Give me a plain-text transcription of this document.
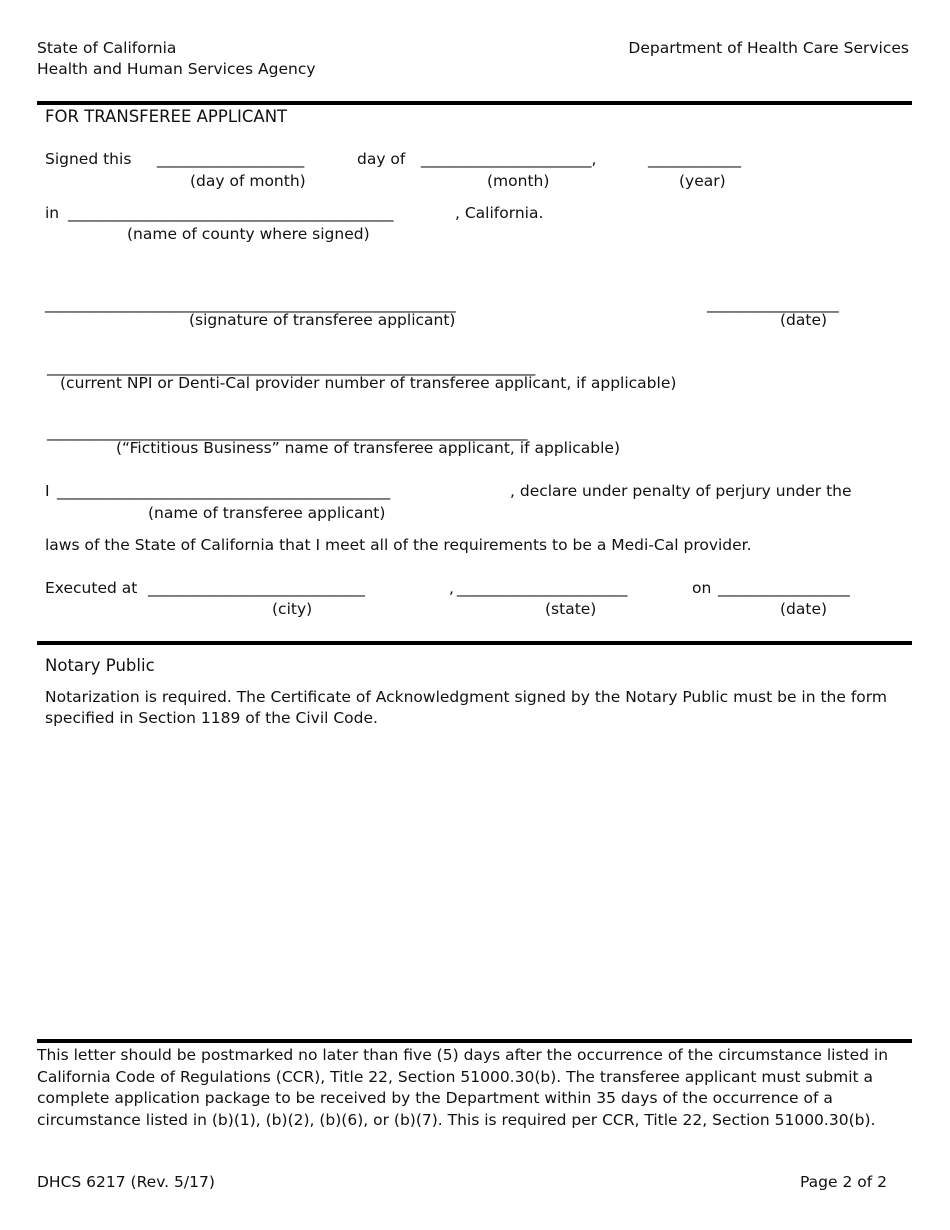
State of California
Health and Human Services Agency
Department of Health Care Services
FOR TRANSFEREE APPLICANT
Signed this ___________________	day of ______________________,	____________
(day of month)	(month)	(year)
in __________________________________________	, California.
(name of county where signed)
_____________________________________________________	_________________
(signature of transferee applicant)	(date)
_______________________________________________________________
(current NPI or Denti-Cal provider number of transferee applicant, if applicable)
______________________________________________________________
(“Fictitious Business” name of transferee applicant, if applicable)
I ___________________________________________	, declare under penalty of perjury under the
(name of transferee applicant)
laws of the State of California that I meet all of the requirements to be a Medi-Cal provider.
Executed at ____________________________	, ______________________	on _________________
(city)	(state)	(date)
Notary Public
Notarization is required. The Certificate of Acknowledgment signed by the Notary Public must be in the form specified in Section 1189 of the Civil Code.
This letter should be postmarked no later than five (5) days after the occurrence of the circumstance listed in California Code of Regulations (CCR), Title 22, Section 51000.30(b). The transferee applicant must submit a complete application package to be received by the Department within 35 days of the occurrence of a circumstance listed in (b)(1), (b)(2), (b)(6), or (b)(7). This is required per CCR, Title 22, Section 51000.30(b).
DHCS 6217 (Rev. 5/17)	Page 2 of 2
